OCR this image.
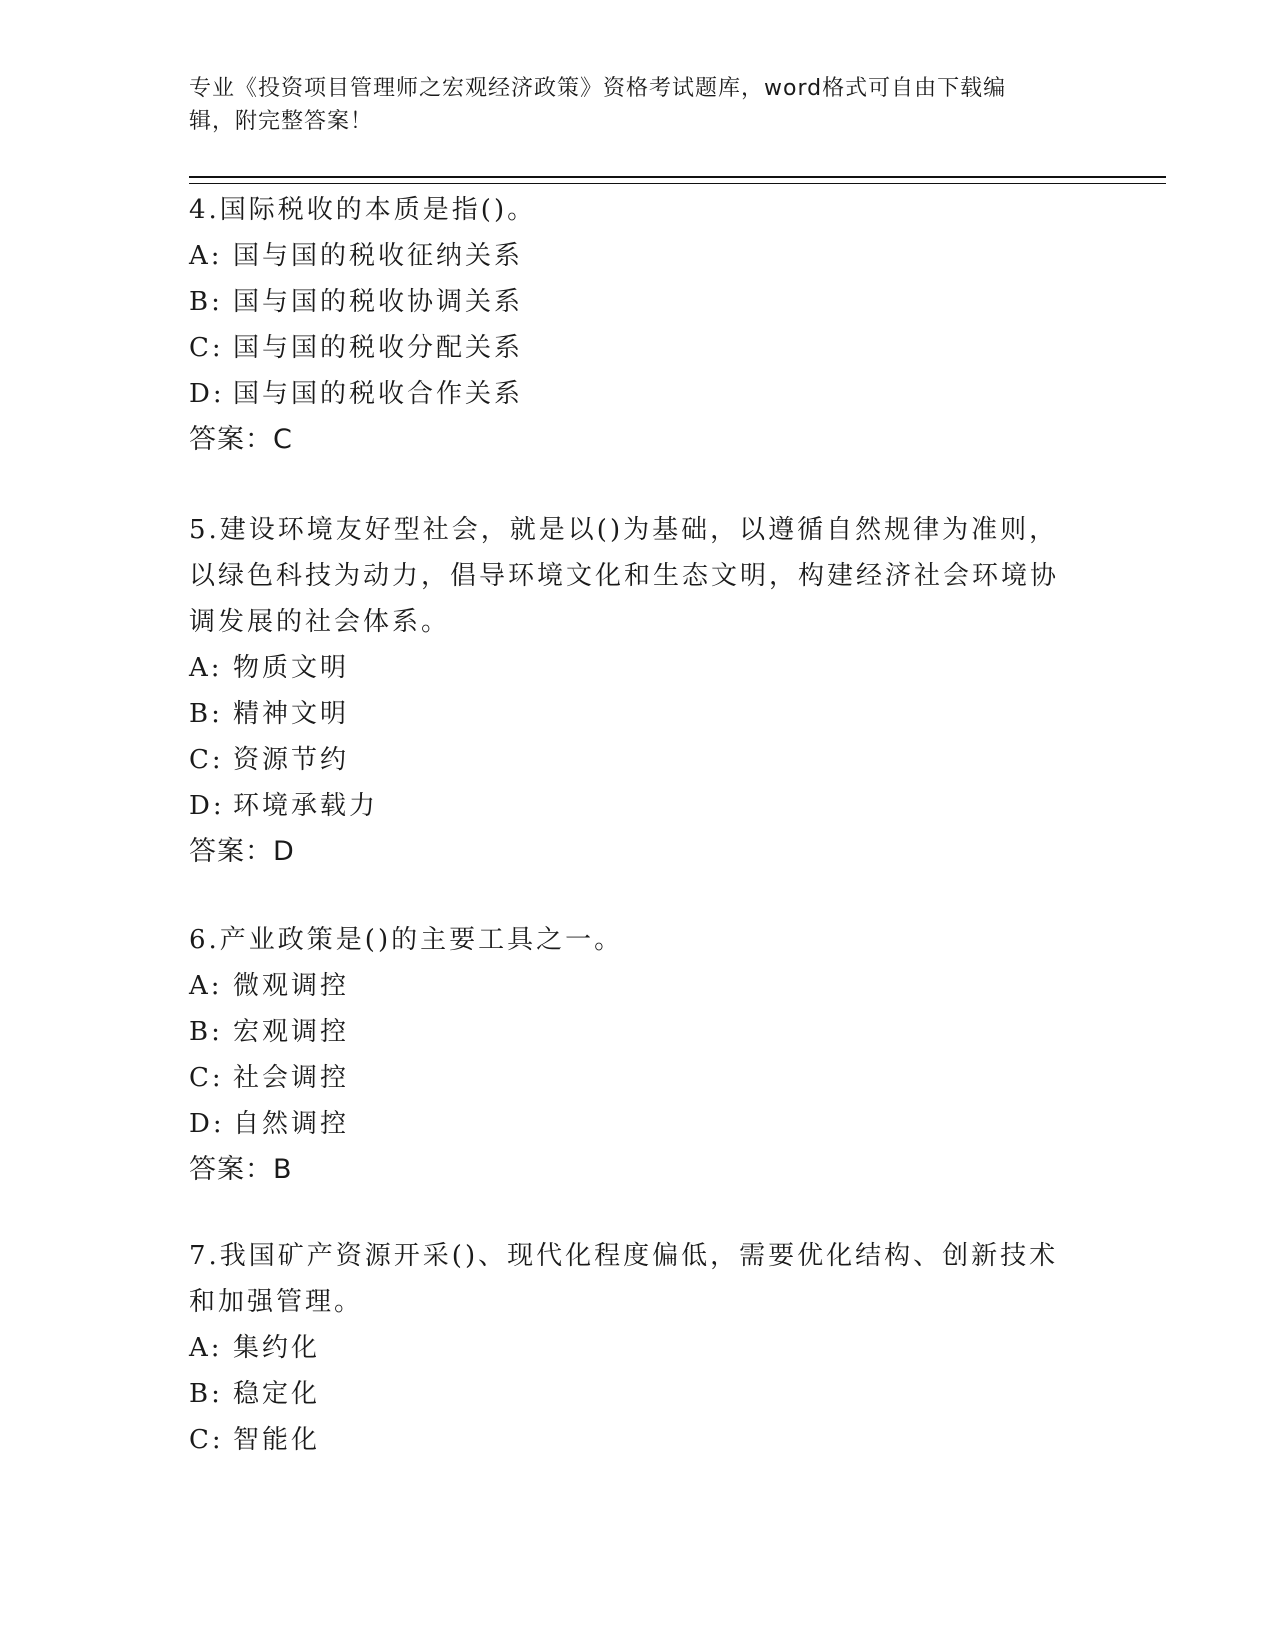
专业《投资项目管理师之宏观经济政策》资格考试题库，word格式可自由下载编
辑，附完整答案！
4.国际税收的本质是指()。
A: 国与国的税收征纳关系
B: 国与国的税收协调关系
C: 国与国的税收分配关系
D: 国与国的税收合作关系
答案：C
5.建设环境友好型社会，就是以()为基础，以遵循自然规律为准则，
以绿色科技为动力，倡导环境文化和生态文明，构建经济社会环境协
调发展的社会体系。
A: 物质文明
B: 精神文明
C: 资源节约
D: 环境承载力
答案：D
6.产业政策是()的主要工具之一。
A: 微观调控
B: 宏观调控
C: 社会调控
D: 自然调控
答案：B
7.我国矿产资源开采()、现代化程度偏低，需要优化结构、创新技术
和加强管理。
A: 集约化
B: 稳定化
C: 智能化
